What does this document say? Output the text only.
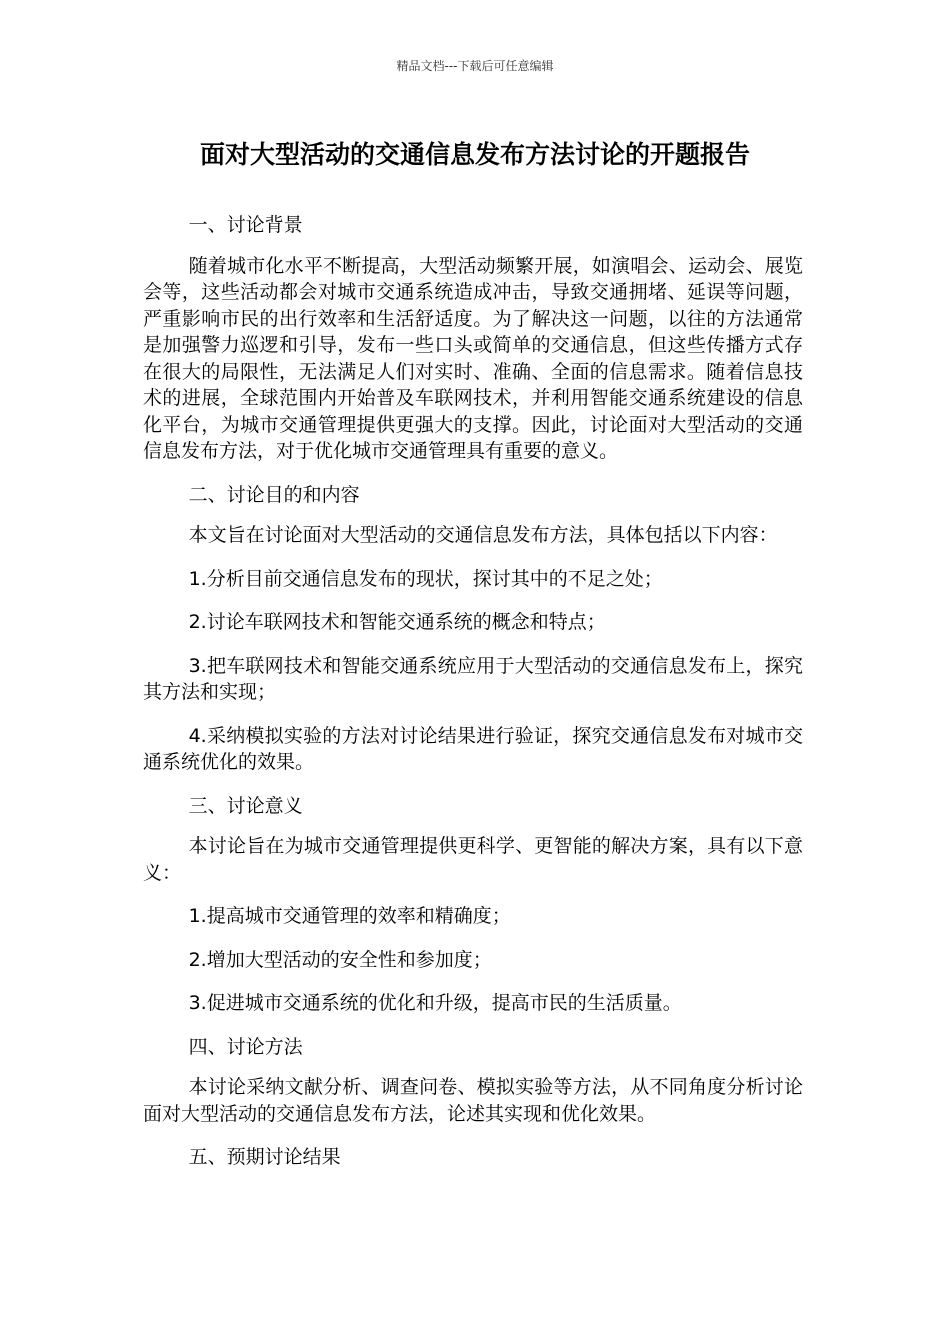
精品文档---下载后可任意编辑
面对大型活动的交通信息发布方法讨论的开题报告

一、讨论背景

随着城市化水平不断提高，大型活动频繁开展，如演唱会、运动会、展览会等，这些活动都会对城市交通系统造成冲击，导致交通拥堵、延误等问题，严重影响市民的出行效率和生活舒适度。为了解决这一问题，以往的方法通常是加强警力巡逻和引导，发布一些口头或简单的交通信息，但这些传播方式存在很大的局限性，无法满足人们对实时、准确、全面的信息需求。随着信息技术的进展，全球范围内开始普及车联网技术，并利用智能交通系统建设的信息化平台，为城市交通管理提供更强大的支撑。因此，讨论面对大型活动的交通信息发布方法，对于优化城市交通管理具有重要的意义。

二、讨论目的和内容

本文旨在讨论面对大型活动的交通信息发布方法，具体包括以下内容：

1.分析目前交通信息发布的现状，探讨其中的不足之处；

2.讨论车联网技术和智能交通系统的概念和特点；

3.把车联网技术和智能交通系统应用于大型活动的交通信息发布上，探究其方法和实现；

4.采纳模拟实验的方法对讨论结果进行验证，探究交通信息发布对城市交通系统优化的效果。

三、讨论意义

本讨论旨在为城市交通管理提供更科学、更智能的解决方案，具有以下意义：

1.提高城市交通管理的效率和精确度；

2.增加大型活动的安全性和参加度；

3.促进城市交通系统的优化和升级，提高市民的生活质量。

四、讨论方法

本讨论采纳文献分析、调查问卷、模拟实验等方法，从不同角度分析讨论面对大型活动的交通信息发布方法，论述其实现和优化效果。

五、预期讨论结果
